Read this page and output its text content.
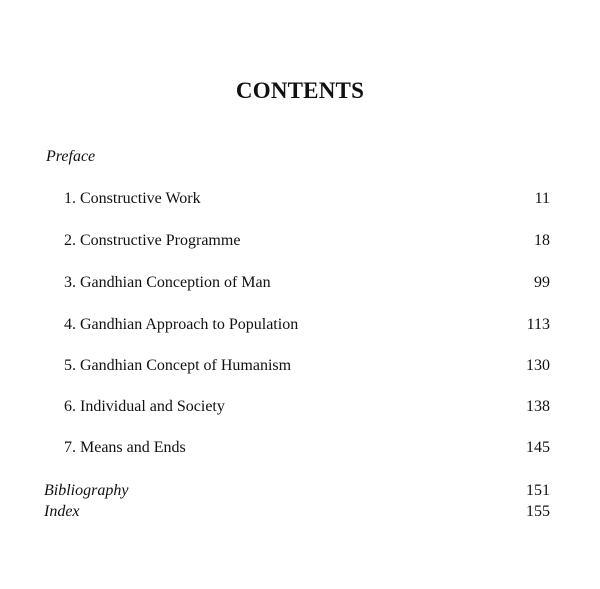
CONTENTS
Preface
1. Constructive Work	11
2. Constructive Programme	18
3. Gandhian Conception of Man	99
4. Gandhian Approach to Population	113
5. Gandhian Concept of Humanism	130
6. Individual and Society	138
7. Means and Ends	145
Bibliography	151
Index	155
